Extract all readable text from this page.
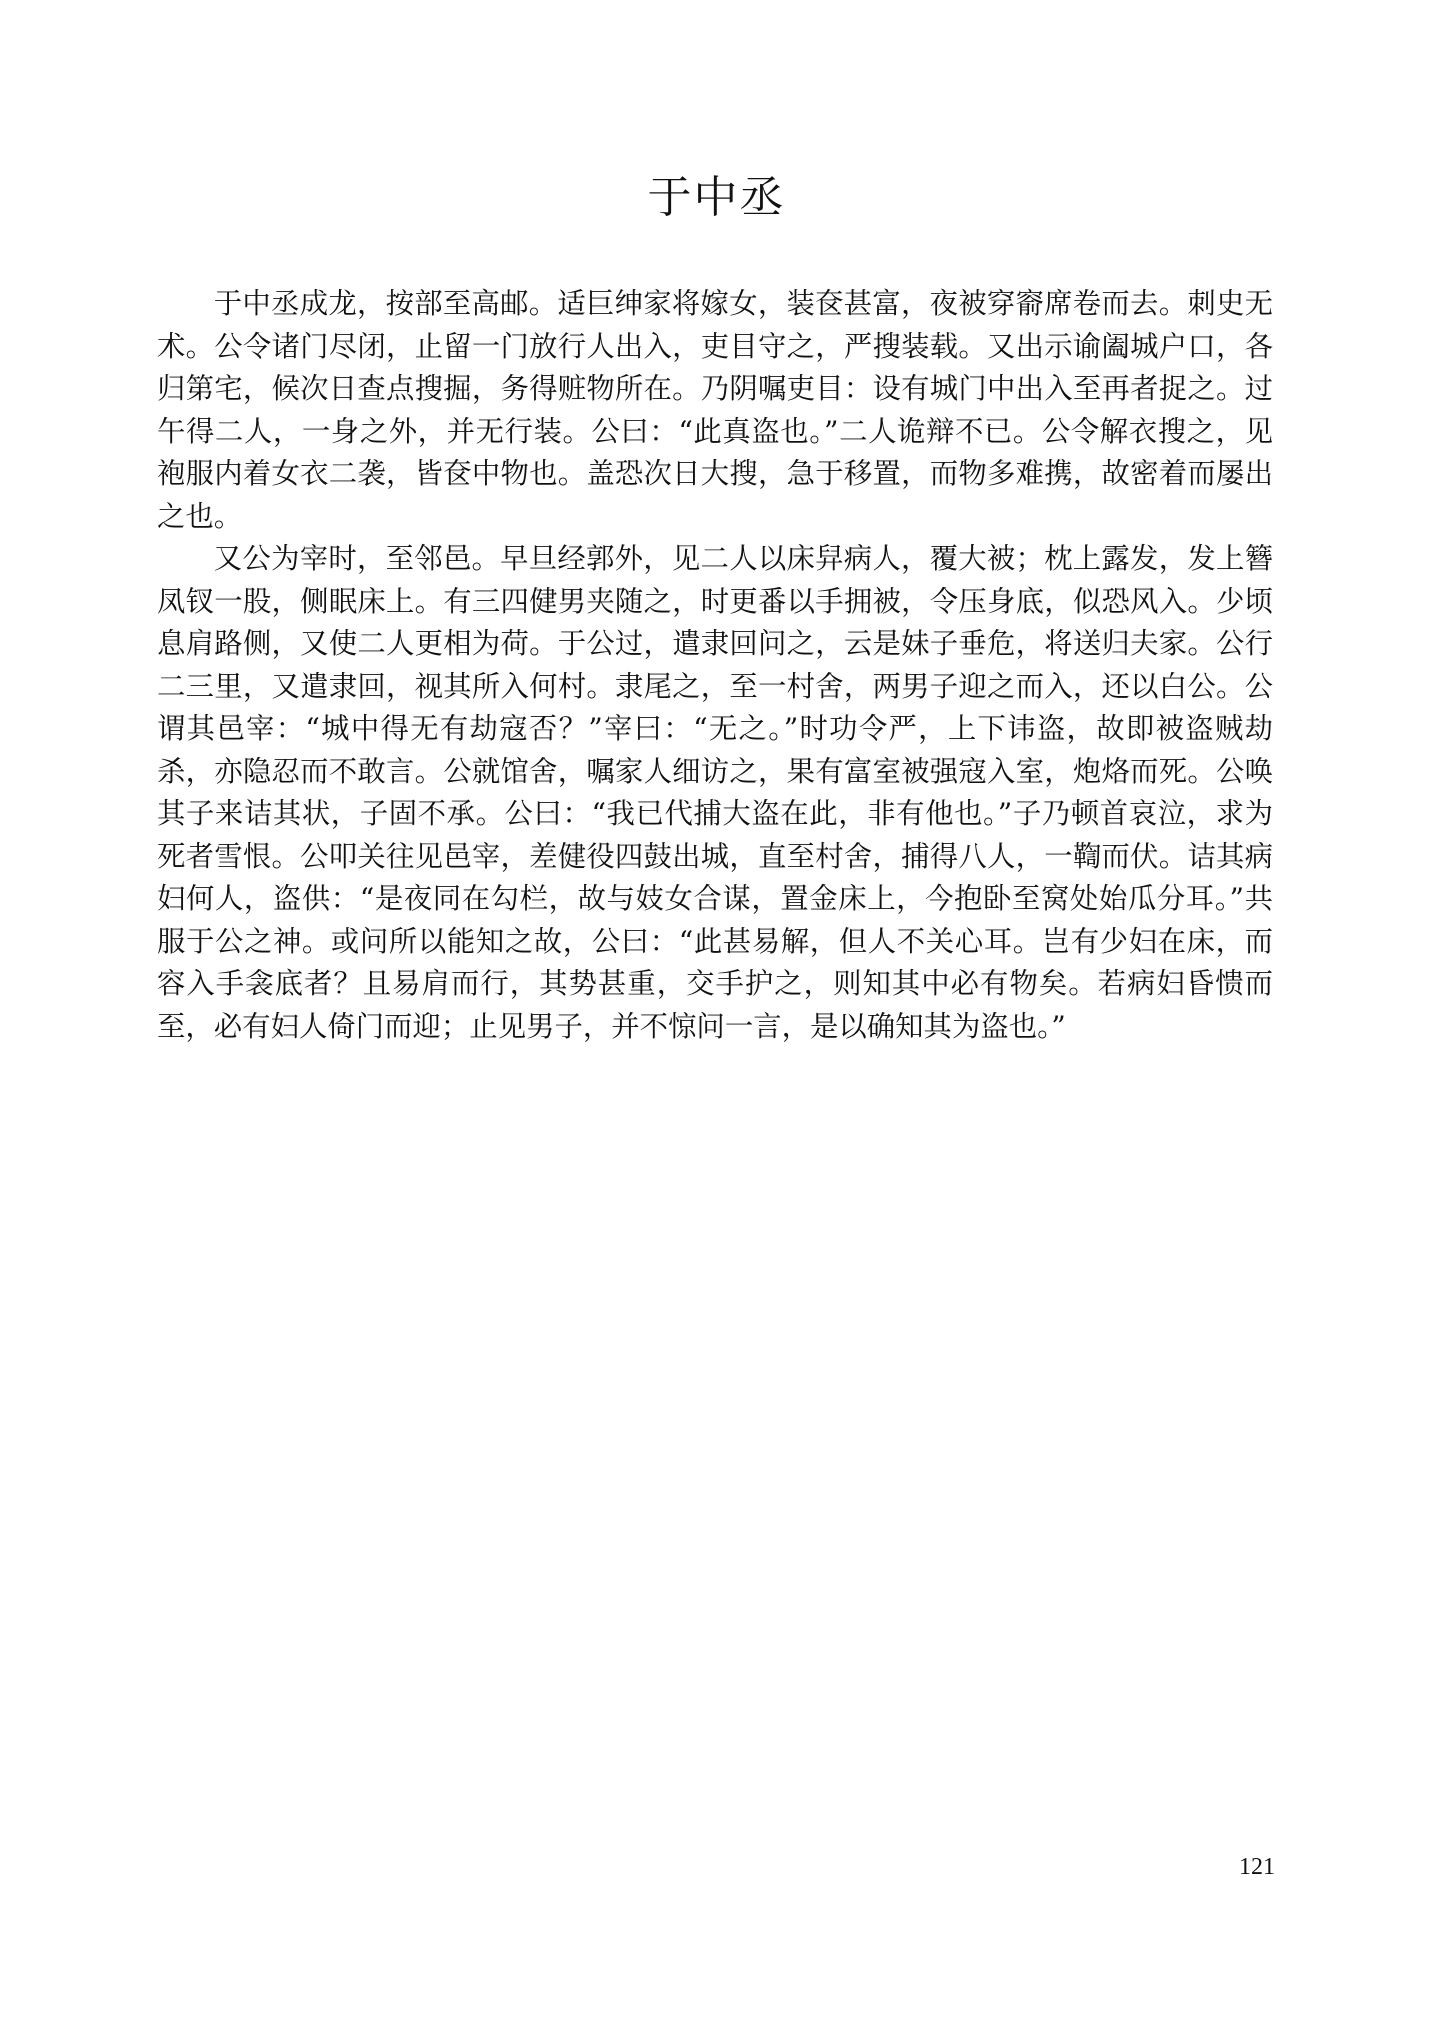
于中丞

于中丞成龙，按部至高邮。适巨绅家将嫁女，装奁甚富，夜被穿窬席卷而去。刺史无术。公令诸门尽闭，止留一门放行人出入，吏目守之，严搜装载。又出示谕阖城户口，各归第宅，候次日查点搜掘，务得赃物所在。乃阴嘱吏目：设有城门中出入至再者捉之。过午得二人，一身之外，并无行装。公曰：“此真盗也。”二人诡辩不已。公令解衣搜之，见袍服内着女衣二袭，皆奁中物也。盖恐次日大搜，急于移置，而物多难携，故密着而屡出之也。

又公为宰时，至邻邑。早旦经郭外，见二人以床舁病人，覆大被；枕上露发，发上簪凤钗一股，侧眠床上。有三四健男夹随之，时更番以手拥被，令压身底，似恐风入。少顷息肩路侧，又使二人更相为荷。于公过，遣隶回问之，云是妹子垂危，将送归夫家。公行二三里，又遣隶回，视其所入何村。隶尾之，至一村舍，两男子迎之而入，还以白公。公谓其邑宰：“城中得无有劫寇否？”宰曰：“无之。”时功令严，上下讳盗，故即被盗贼劫杀，亦隐忍而不敢言。公就馆舍，嘱家人细访之，果有富室被强寇入室，炮烙而死。公唤其子来诘其状，子固不承。公曰：“我已代捕大盗在此，非有他也。”子乃顿首哀泣，求为死者雪恨。公叩关往见邑宰，差健役四鼓出城，直至村舍，捕得八人，一鞫而伏。诘其病妇何人，盗供：“是夜同在勾栏，故与妓女合谋，置金床上，今抱卧至窝处始瓜分耳。”共服于公之神。或问所以能知之故，公曰：“此甚易解，但人不关心耳。岂有少妇在床，而容入手衾底者？且易肩而行，其势甚重，交手护之，则知其中必有物矣。若病妇昏愦而至，必有妇人倚门而迎；止见男子，并不惊问一言，是以确知其为盗也。”

121
